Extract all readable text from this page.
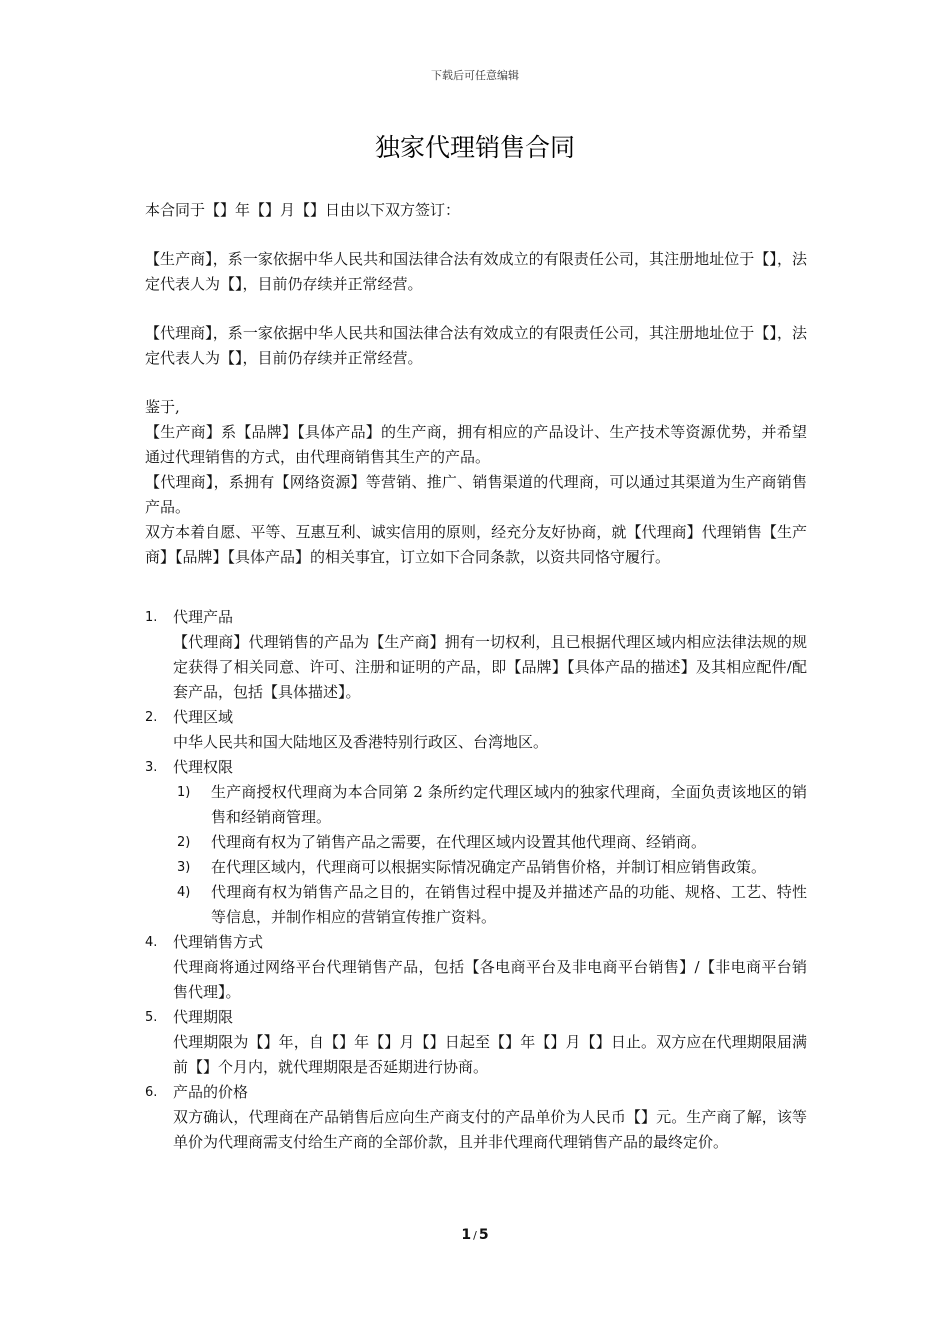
下载后可任意编辑
独家代理销售合同

本合同于【】年【】月【】日由以下双方签订：

【生产商】，系一家依据中华人民共和国法律合法有效成立的有限责任公司，其注册地址位于【】，法定代表人为【】，目前仍存续并正常经营。

【代理商】，系一家依据中华人民共和国法律合法有效成立的有限责任公司，其注册地址位于【】，法定代表人为【】，目前仍存续并正常经营。

鉴于,

【生产商】系【品牌】【具体产品】的生产商，拥有相应的产品设计、生产技术等资源优势，并希望通过代理销售的方式，由代理商销售其生产的产品。

【代理商】，系拥有【网络资源】等营销、推广、销售渠道的代理商，可以通过其渠道为生产商销售产品。

双方本着自愿、平等、互惠互利、诚实信用的原则，经充分友好协商，就【代理商】代理销售【生产商】【品牌】【具体产品】的相关事宜，订立如下合同条款，以资共同恪守履行。

1. 代理产品

【代理商】代理销售的产品为【生产商】拥有一切权利，且已根据代理区域内相应法律法规的规定获得了相关同意、许可、注册和证明的产品，即【品牌】【具体产品的描述】及其相应配件/配套产品，包括【具体描述】。

2. 代理区域

中华人民共和国大陆地区及香港特别行政区、台湾地区。

3. 代理权限

1) 生产商授权代理商为本合同第 2 条所约定代理区域内的独家代理商，全面负责该地区的销售和经销商管理。

2) 代理商有权为了销售产品之需要，在代理区域内设置其他代理商、经销商。

3) 在代理区域内，代理商可以根据实际情况确定产品销售价格，并制订相应销售政策。

4) 代理商有权为销售产品之目的，在销售过程中提及并描述产品的功能、规格、工艺、特性等信息，并制作相应的营销宣传推广资料。

4. 代理销售方式

代理商将通过网络平台代理销售产品，包括【各电商平台及非电商平台销售】/【非电商平台销售代理】。

5. 代理期限

代理期限为【】年，自【】年【】月【】日起至【】年【】月【】日止。双方应在代理期限届满前【】个月内，就代理期限是否延期进行协商。

6. 产品的价格

双方确认，代理商在产品销售后应向生产商支付的产品单价为人民币【】元。生产商了解，该等单价为代理商需支付给生产商的全部价款，且并非代理商代理销售产品的最终定价。

1 / 5
